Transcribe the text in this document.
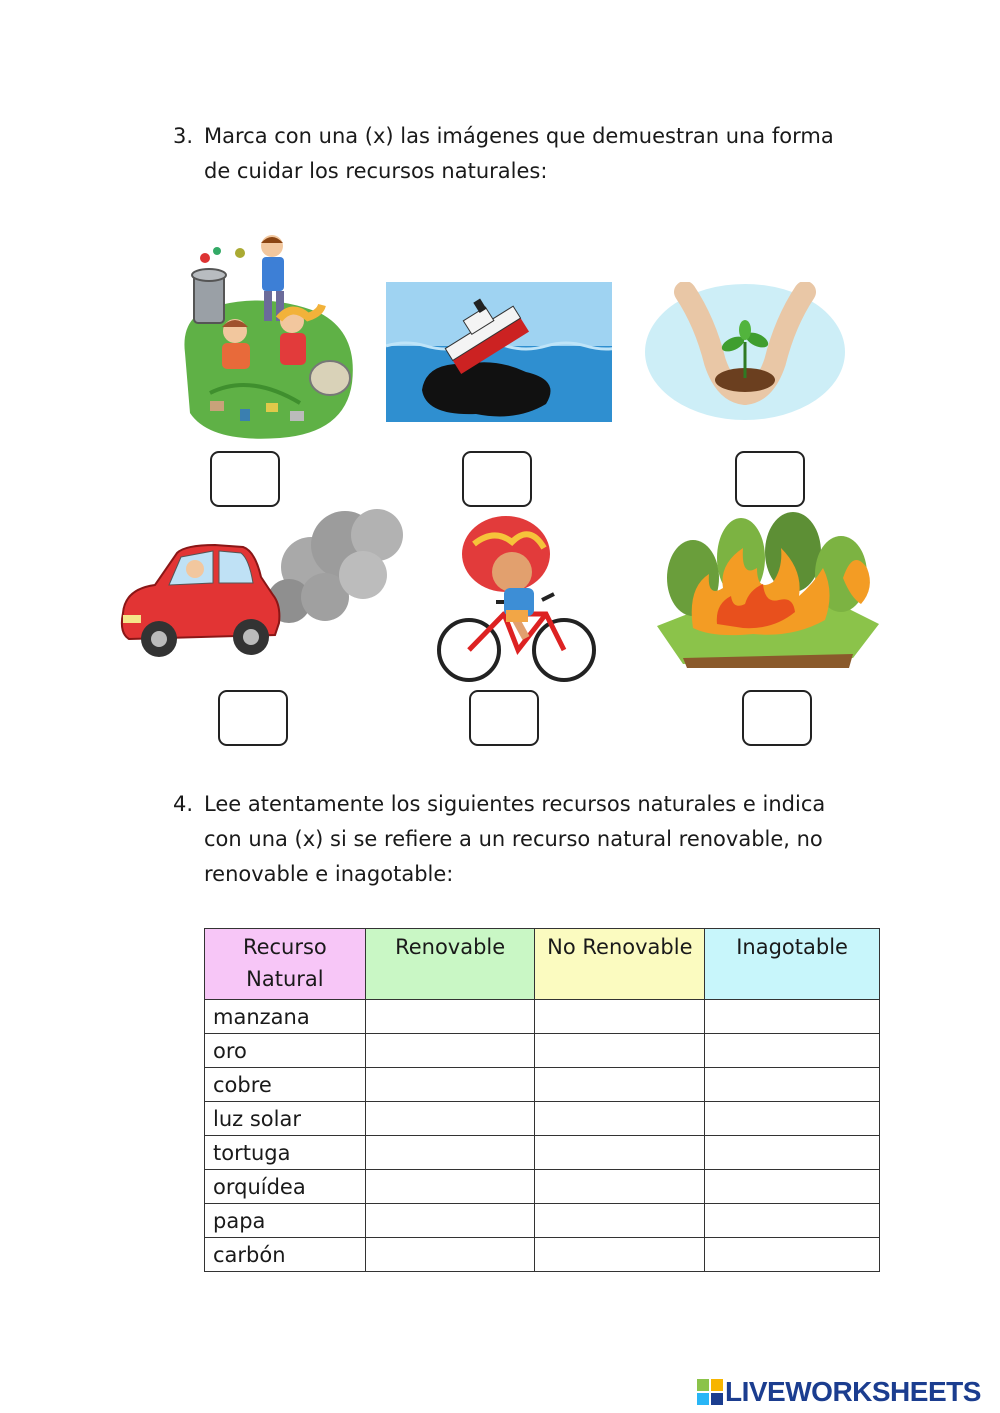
3. Marca con una (x) las imágenes que demuestran una forma
de cuidar los recursos naturales:
4. Lee atentamente los siguientes recursos naturales e indica
con una (x) si se refiere a un recurso natural renovable, no
renovable e inagotable:
Recurso
Natural	Renovable	No Renovable	Inagotable
manzana			
oro			
cobre			
luz solar			
tortuga			
orquídea			
papa			
carbón			
LIVEWORKSHEETS
